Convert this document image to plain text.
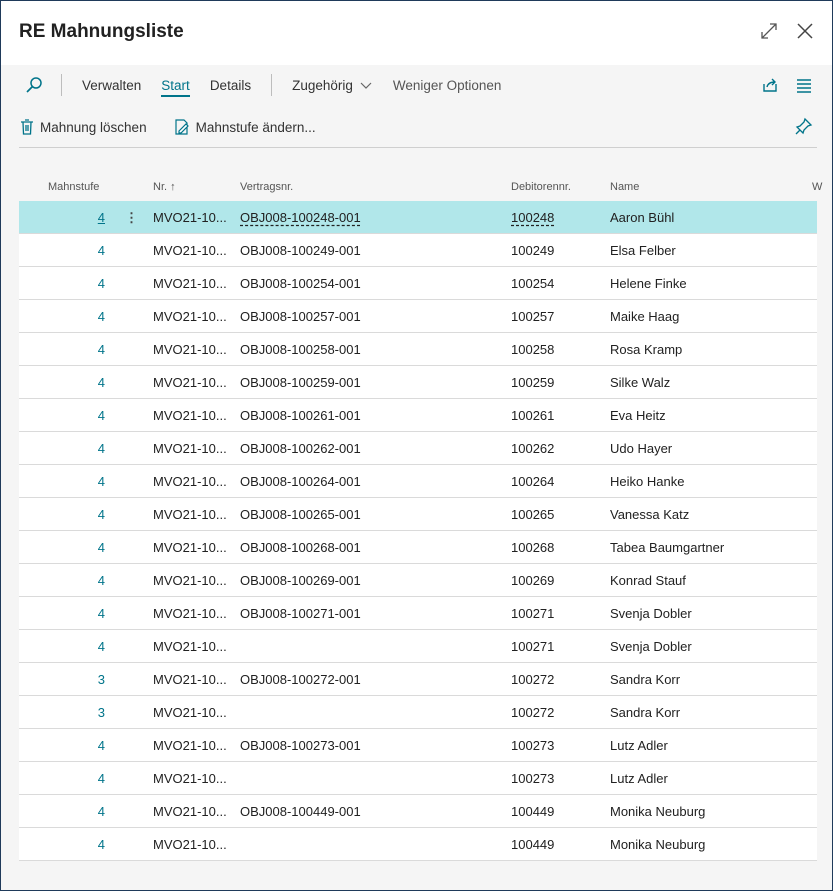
RE Mahnungsliste
Verwalten	Start	Details	Zugehörig	Weniger Optionen
Mahnung löschen	Mahnstufe ändern...
Mahnstufe	Nr. ↑	Vertragsnr.	Debitorennr.	Name	W
4	MVO21-10... OBJ008-100248-001	100248	Aaron Bühl
⋮
4	MVO21-10... OBJ008-100249-001	100249	Elsa Felber
4	MVO21-10... OBJ008-100254-001	100254	Helene Finke
4	MVO21-10... OBJ008-100257-001	100257	Maike Haag
4	MVO21-10... OBJ008-100258-001	100258	Rosa Kramp
4	MVO21-10... OBJ008-100259-001	100259	Silke Walz
4	MVO21-10... OBJ008-100261-001	100261	Eva Heitz
4	MVO21-10... OBJ008-100262-001	100262	Udo Hayer
4	MVO21-10... OBJ008-100264-001	100264	Heiko Hanke
4	MVO21-10... OBJ008-100265-001	100265	Vanessa Katz
4	MVO21-10... OBJ008-100268-001	100268	Tabea Baumgartner
4	MVO21-10... OBJ008-100269-001	100269	Konrad Stauf
4	MVO21-10... OBJ008-100271-001	100271	Svenja Dobler
4	MVO21-10...	100271	Svenja Dobler
3	MVO21-10... OBJ008-100272-001	100272	Sandra Korr
3	MVO21-10...	100272	Sandra Korr
4	MVO21-10... OBJ008-100273-001	100273	Lutz Adler
4	MVO21-10...	100273	Lutz Adler
4	MVO21-10... OBJ008-100449-001	100449	Monika Neuburg
4	MVO21-10...	100449	Monika Neuburg
